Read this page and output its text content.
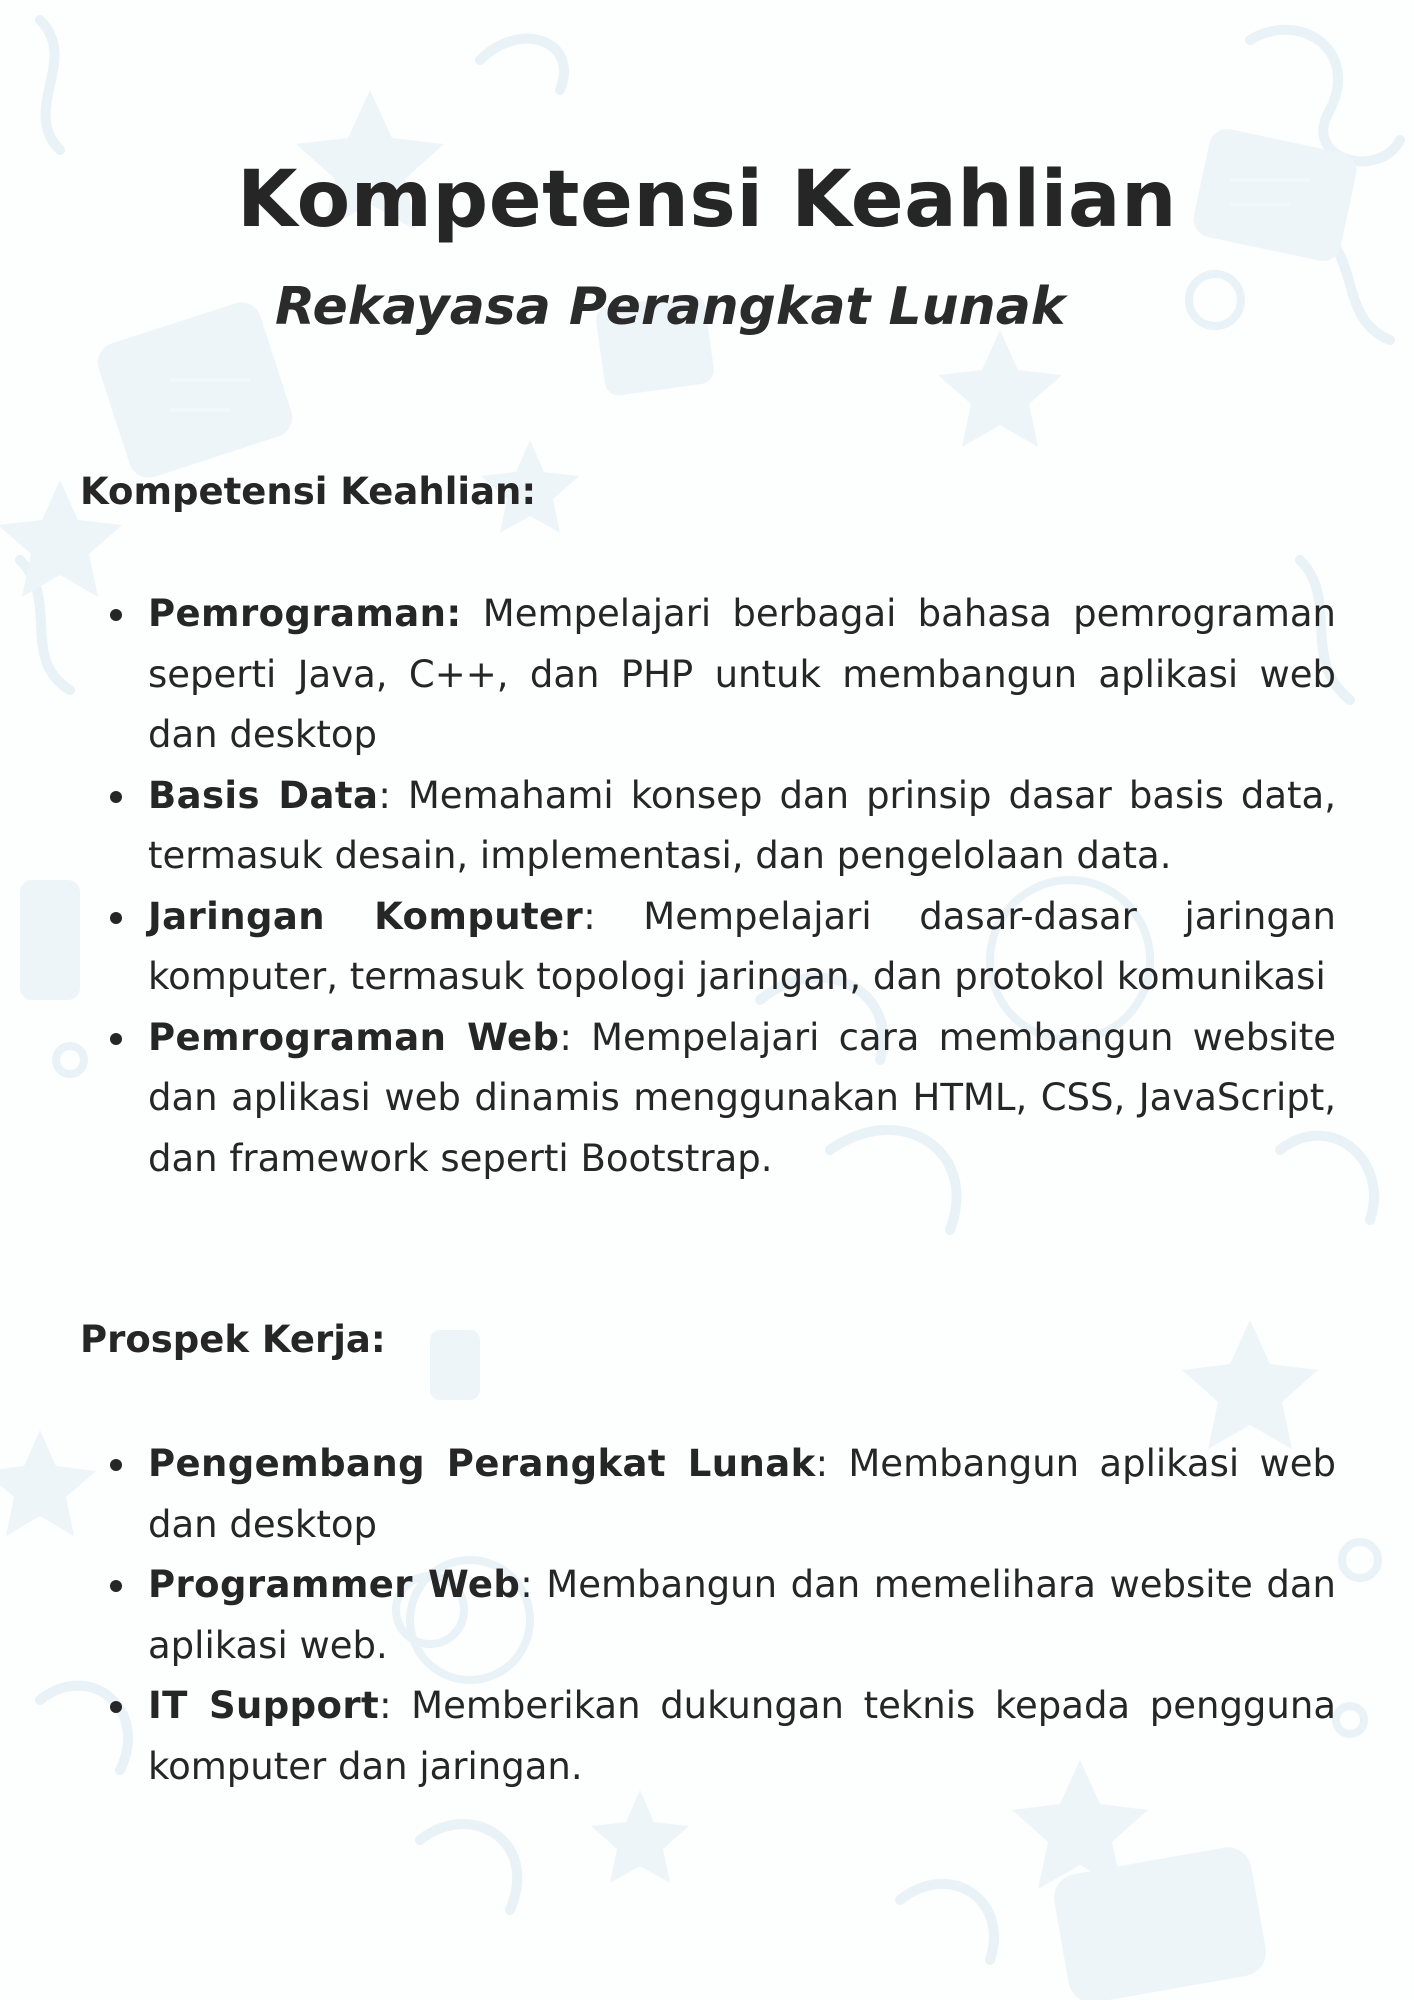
Kompetensi Keahlian
Rekayasa Perangkat Lunak
Kompetensi Keahlian:
Pemrograman: Mempelajari berbagai bahasa pemrograman seperti Java, C++, dan PHP untuk membangun aplikasi web dan desktop
Basis Data: Memahami konsep dan prinsip dasar basis data, termasuk desain, implementasi, dan pengelolaan data.
Jaringan Komputer: Mempelajari dasar-dasar jaringan komputer, termasuk topologi jaringan, dan protokol komunikasi
Pemrograman Web: Mempelajari cara membangun website dan aplikasi web dinamis menggunakan HTML, CSS, JavaScript, dan framework seperti Bootstrap.
Prospek Kerja:
Pengembang Perangkat Lunak: Membangun aplikasi web dan desktop
Programmer Web: Membangun dan memelihara website dan aplikasi web.
IT Support: Memberikan dukungan teknis kepada pengguna komputer dan jaringan.
